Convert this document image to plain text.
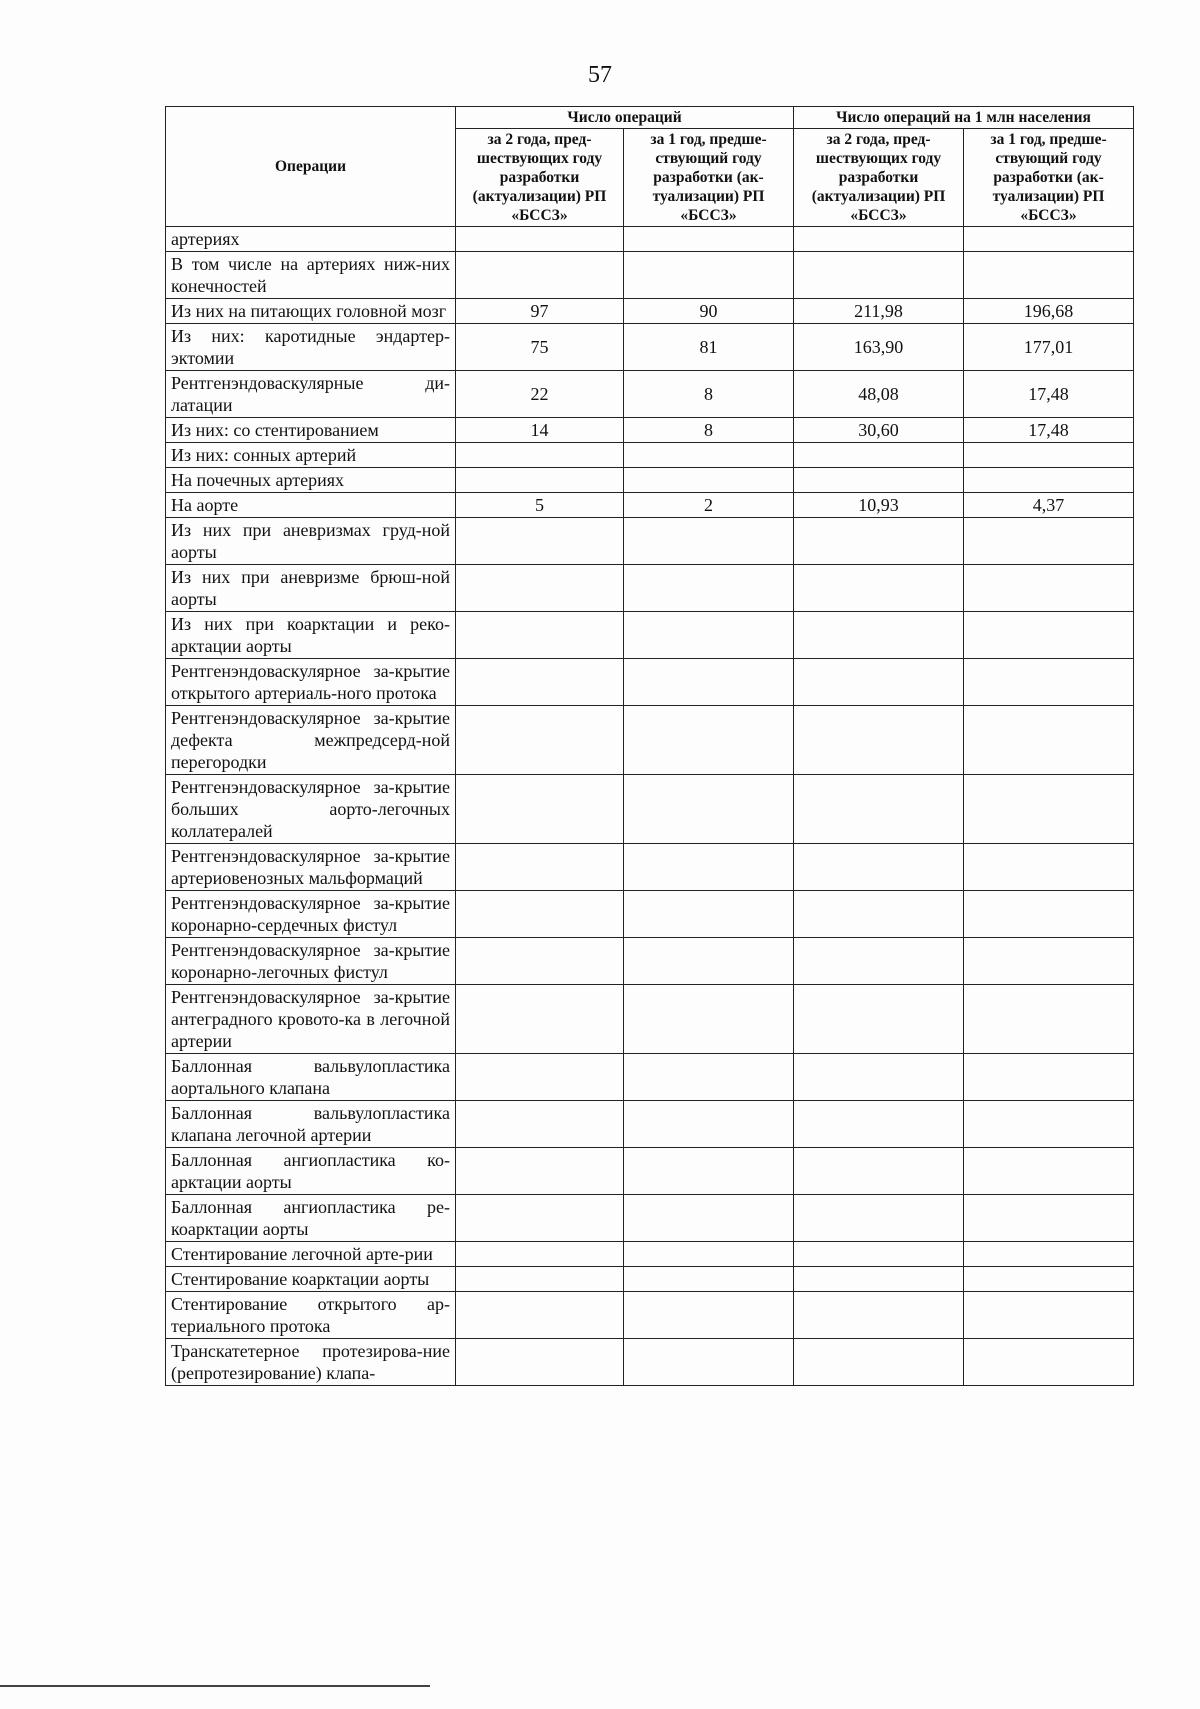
57
Операции	Число операций		Число операций на 1 млн населения	
	за 2 года, пред-шествующих году разработки (актуализации) РП «БССЗ»	за 1 год, предше-ствующий году разработки (ак-туализации) РП «БССЗ»	за 2 года, пред-шествующих году разработки (актуализации) РП «БССЗ»	за 1 год, предше-ствующий году разработки (ак-туализации) РП «БССЗ»
артериях				
В том числе на артериях ниж-них конечностей				
Из них на питающих головной мозг	97	90	211,98	196,68
Из них: каротидные эндартер-эктомии	75	81	163,90	177,01
Рентгенэндоваскулярные ди-латации	22	8	48,08	17,48
Из них: со стентированием	14	8	30,60	17,48
Из них: сонных артерий				
На почечных артериях				
На аорте	5	2	10,93	4,37
Из них при аневризмах груд-ной аорты				
Из них при аневризме брюш-ной аорты				
Из них при коарктации и реко-арктации аорты				
Рентгенэндоваскулярное за-крытие открытого артериаль-ного протока				
Рентгенэндоваскулярное за-крытие дефекта межпредсерд-ной перегородки				
Рентгенэндоваскулярное за-крытие больших аорто-легочных коллатералей				
Рентгенэндоваскулярное за-крытие артериовенозных мальформаций				
Рентгенэндоваскулярное за-крытие коронарно-сердечных фистул				
Рентгенэндоваскулярное за-крытие коронарно-легочных фистул				
Рентгенэндоваскулярное за-крытие антеградного кровото-ка в легочной артерии				
Баллонная вальвулопластика аортального клапана				
Баллонная вальвулопластика клапана легочной артерии				
Баллонная ангиопластика ко-арктации аорты				
Баллонная ангиопластика ре-коарктации аорты				
Стентирование легочной арте-рии				
Стентирование коарктации аорты				
Стентирование открытого ар-териального протока				
Транскатетерное протезирова-ние (репротезирование) клапа-				
